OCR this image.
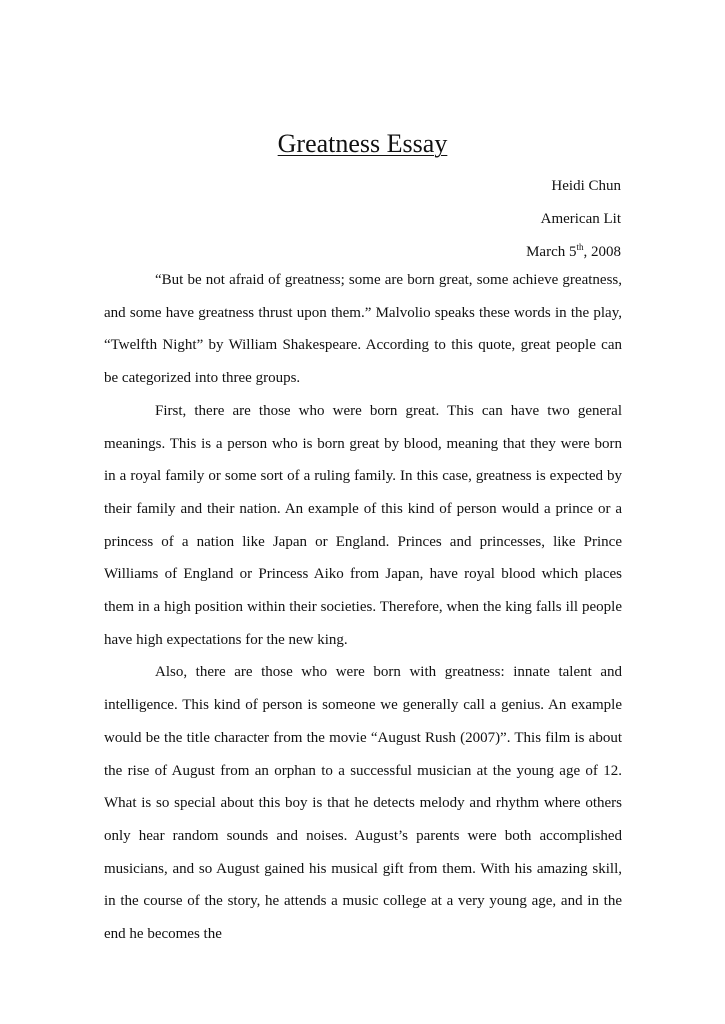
Greatness Essay
Heidi Chun
American Lit
March 5th, 2008

“But be not afraid of greatness; some are born great, some achieve greatness, and some have greatness thrust upon them.” Malvolio speaks these words in the play, “Twelfth Night” by William Shakespeare. According to this quote, great people can be categorized into three groups.

First, there are those who were born great. This can have two general meanings. This is a person who is born great by blood, meaning that they were born in a royal family or some sort of a ruling family. In this case, greatness is expected by their family and their nation. An example of this kind of person would a prince or a princess of a nation like Japan or England. Princes and princesses, like Prince Williams of England or Princess Aiko from Japan, have royal blood which places them in a high position within their societies. Therefore, when the king falls ill people have high expectations for the new king.

Also, there are those who were born with greatness: innate talent and intelligence. This kind of person is someone we generally call a genius. An example would be the title character from the movie “August Rush (2007)”. This film is about the rise of August from an orphan to a successful musician at the young age of 12. What is so special about this boy is that he detects melody and rhythm where others only hear random sounds and noises. August’s parents were both accomplished musicians, and so August gained his musical gift from them. With his amazing skill, in the course of the story, he attends a music college at a very young age, and in the end he becomes the
